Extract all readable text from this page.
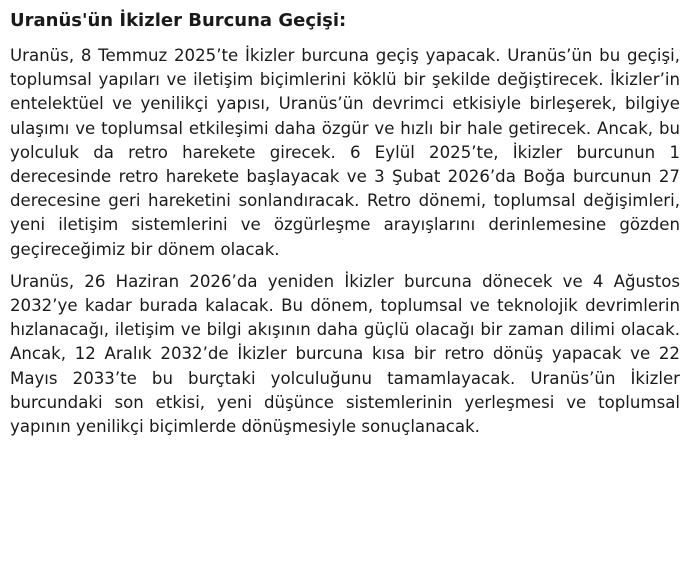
Uranüs'ün İkizler Burcuna Geçişi:

Uranüs, 8 Temmuz 2025’te İkizler burcuna geçiş yapacak. Uranüs’ün bu geçişi, toplumsal yapıları ve iletişim biçimlerini köklü bir şekilde değiştirecek. İkizler’in entelektüel ve yenilikçi yapısı, Uranüs’ün devrimci etkisiyle birleşerek, bilgiye ulaşımı ve toplumsal etkileşimi daha özgür ve hızlı bir hale getirecek. Ancak, bu yolculuk da retro harekete girecek. 6 Eylül 2025’te, İkizler burcunun 1 derecesinde retro harekete başlayacak ve 3 Şubat 2026’da Boğa burcunun 27 derecesine geri hareketini sonlandıracak. Retro dönemi, toplumsal değişimleri, yeni iletişim sistemlerini ve özgürleşme arayışlarını derinlemesine gözden geçireceğimiz bir dönem olacak.

Uranüs, 26 Haziran 2026’da yeniden İkizler burcuna dönecek ve 4 Ağustos 2032’ye kadar burada kalacak. Bu dönem, toplumsal ve teknolojik devrimlerin hızlanacağı, iletişim ve bilgi akışının daha güçlü olacağı bir zaman dilimi olacak. Ancak, 12 Aralık 2032’de İkizler burcuna kısa bir retro dönüş yapacak ve 22 Mayıs 2033’te bu burçtaki yolculuğunu tamamlayacak. Uranüs’ün İkizler burcundaki son etkisi, yeni düşünce sistemlerinin yerleşmesi ve toplumsal yapının yenilikçi biçimlerde dönüşmesiyle sonuçlanacak.
